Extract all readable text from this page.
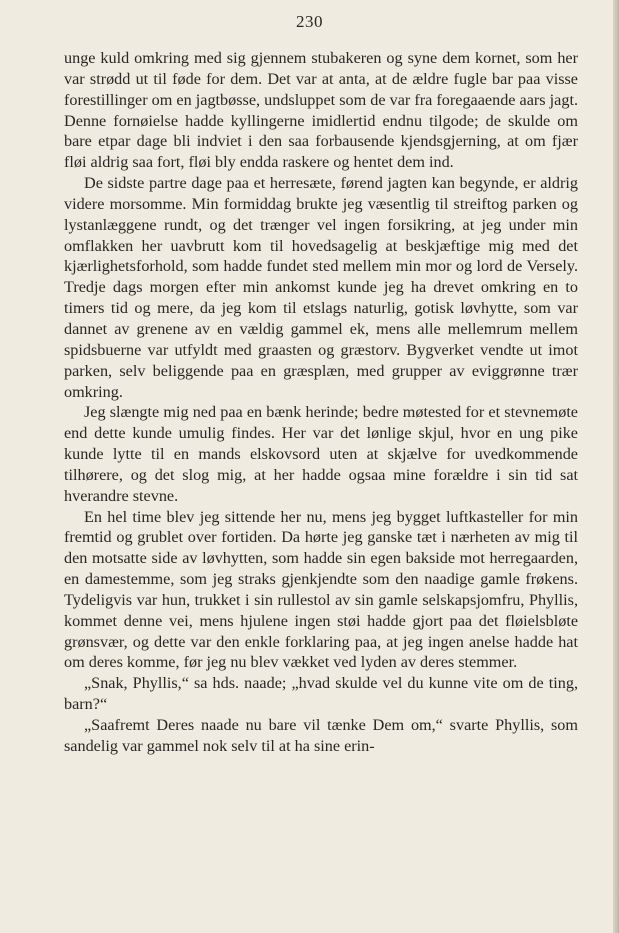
230

unge kuld omkring med sig gjennem stubakeren og syne dem kornet, som her var strødd ut til føde for dem. Det var at anta, at de ældre fugle bar paa visse forestillinger om en jagtbøsse, undsluppet som de var fra foregaaende aars jagt. Denne fornøielse hadde kyllingerne imidlertid endnu tilgode; de skulde om bare etpar dage bli indviet i den saa forbausende kjendsgjerning, at om fjær fløi aldrig saa fort, fløi bly endda raskere og hentet dem ind.

De sidste partre dage paa et herresæte, førend jagten kan begynde, er aldrig videre morsomme. Min formiddag brukte jeg væsentlig til streiftog parken og lystanlæggene rundt, og det trænger vel ingen forsikring, at jeg under min omflakken her uavbrutt kom til hovedsagelig at beskjæftige mig med det kjærlighetsforhold, som hadde fundet sted mellem min mor og lord de Versely. Tredje dags morgen efter min ankomst kunde jeg ha drevet omkring en to timers tid og mere, da jeg kom til etslags naturlig, gotisk løvhytte, som var dannet av grenene av en vældig gammel ek, mens alle mellemrum mellem spidsbuerne var utfyldt med graasten og græstorv. Bygverket vendte ut imot parken, selv beliggende paa en græsplæn, med grupper av eviggrønne trær omkring.

Jeg slængte mig ned paa en bænk herinde; bedre møtested for et stevnemøte end dette kunde umulig findes. Her var det lønlige skjul, hvor en ung pike kunde lytte til en mands elskovsord uten at skjælve for uvedkommende tilhørere, og det slog mig, at her hadde ogsaa mine forældre i sin tid sat hverandre stevne.

En hel time blev jeg sittende her nu, mens jeg bygget luftkasteller for min fremtid og grublet over fortiden. Da hørte jeg ganske tæt i nærheten av mig til den motsatte side av løvhytten, som hadde sin egen bakside mot herregaarden, en damestemme, som jeg straks gjenkjendte som den naadige gamle frøkens. Tydeligvis var hun, trukket i sin rullestol av sin gamle selskapsjomfru, Phyllis, kommet denne vei, mens hjulene ingen støi hadde gjort paa det fløielsbløte grønsvær, og dette var den enkle forklaring paa, at jeg ingen anelse hadde hat om deres komme, før jeg nu blev vækket ved lyden av deres stemmer.

„Snak, Phyllis,“ sa hds. naade; „hvad skulde vel du kunne vite om de ting, barn?“

„Saafremt Deres naade nu bare vil tænke Dem om,“ svarte Phyllis, som sandelig var gammel nok selv til at ha sine erin-
